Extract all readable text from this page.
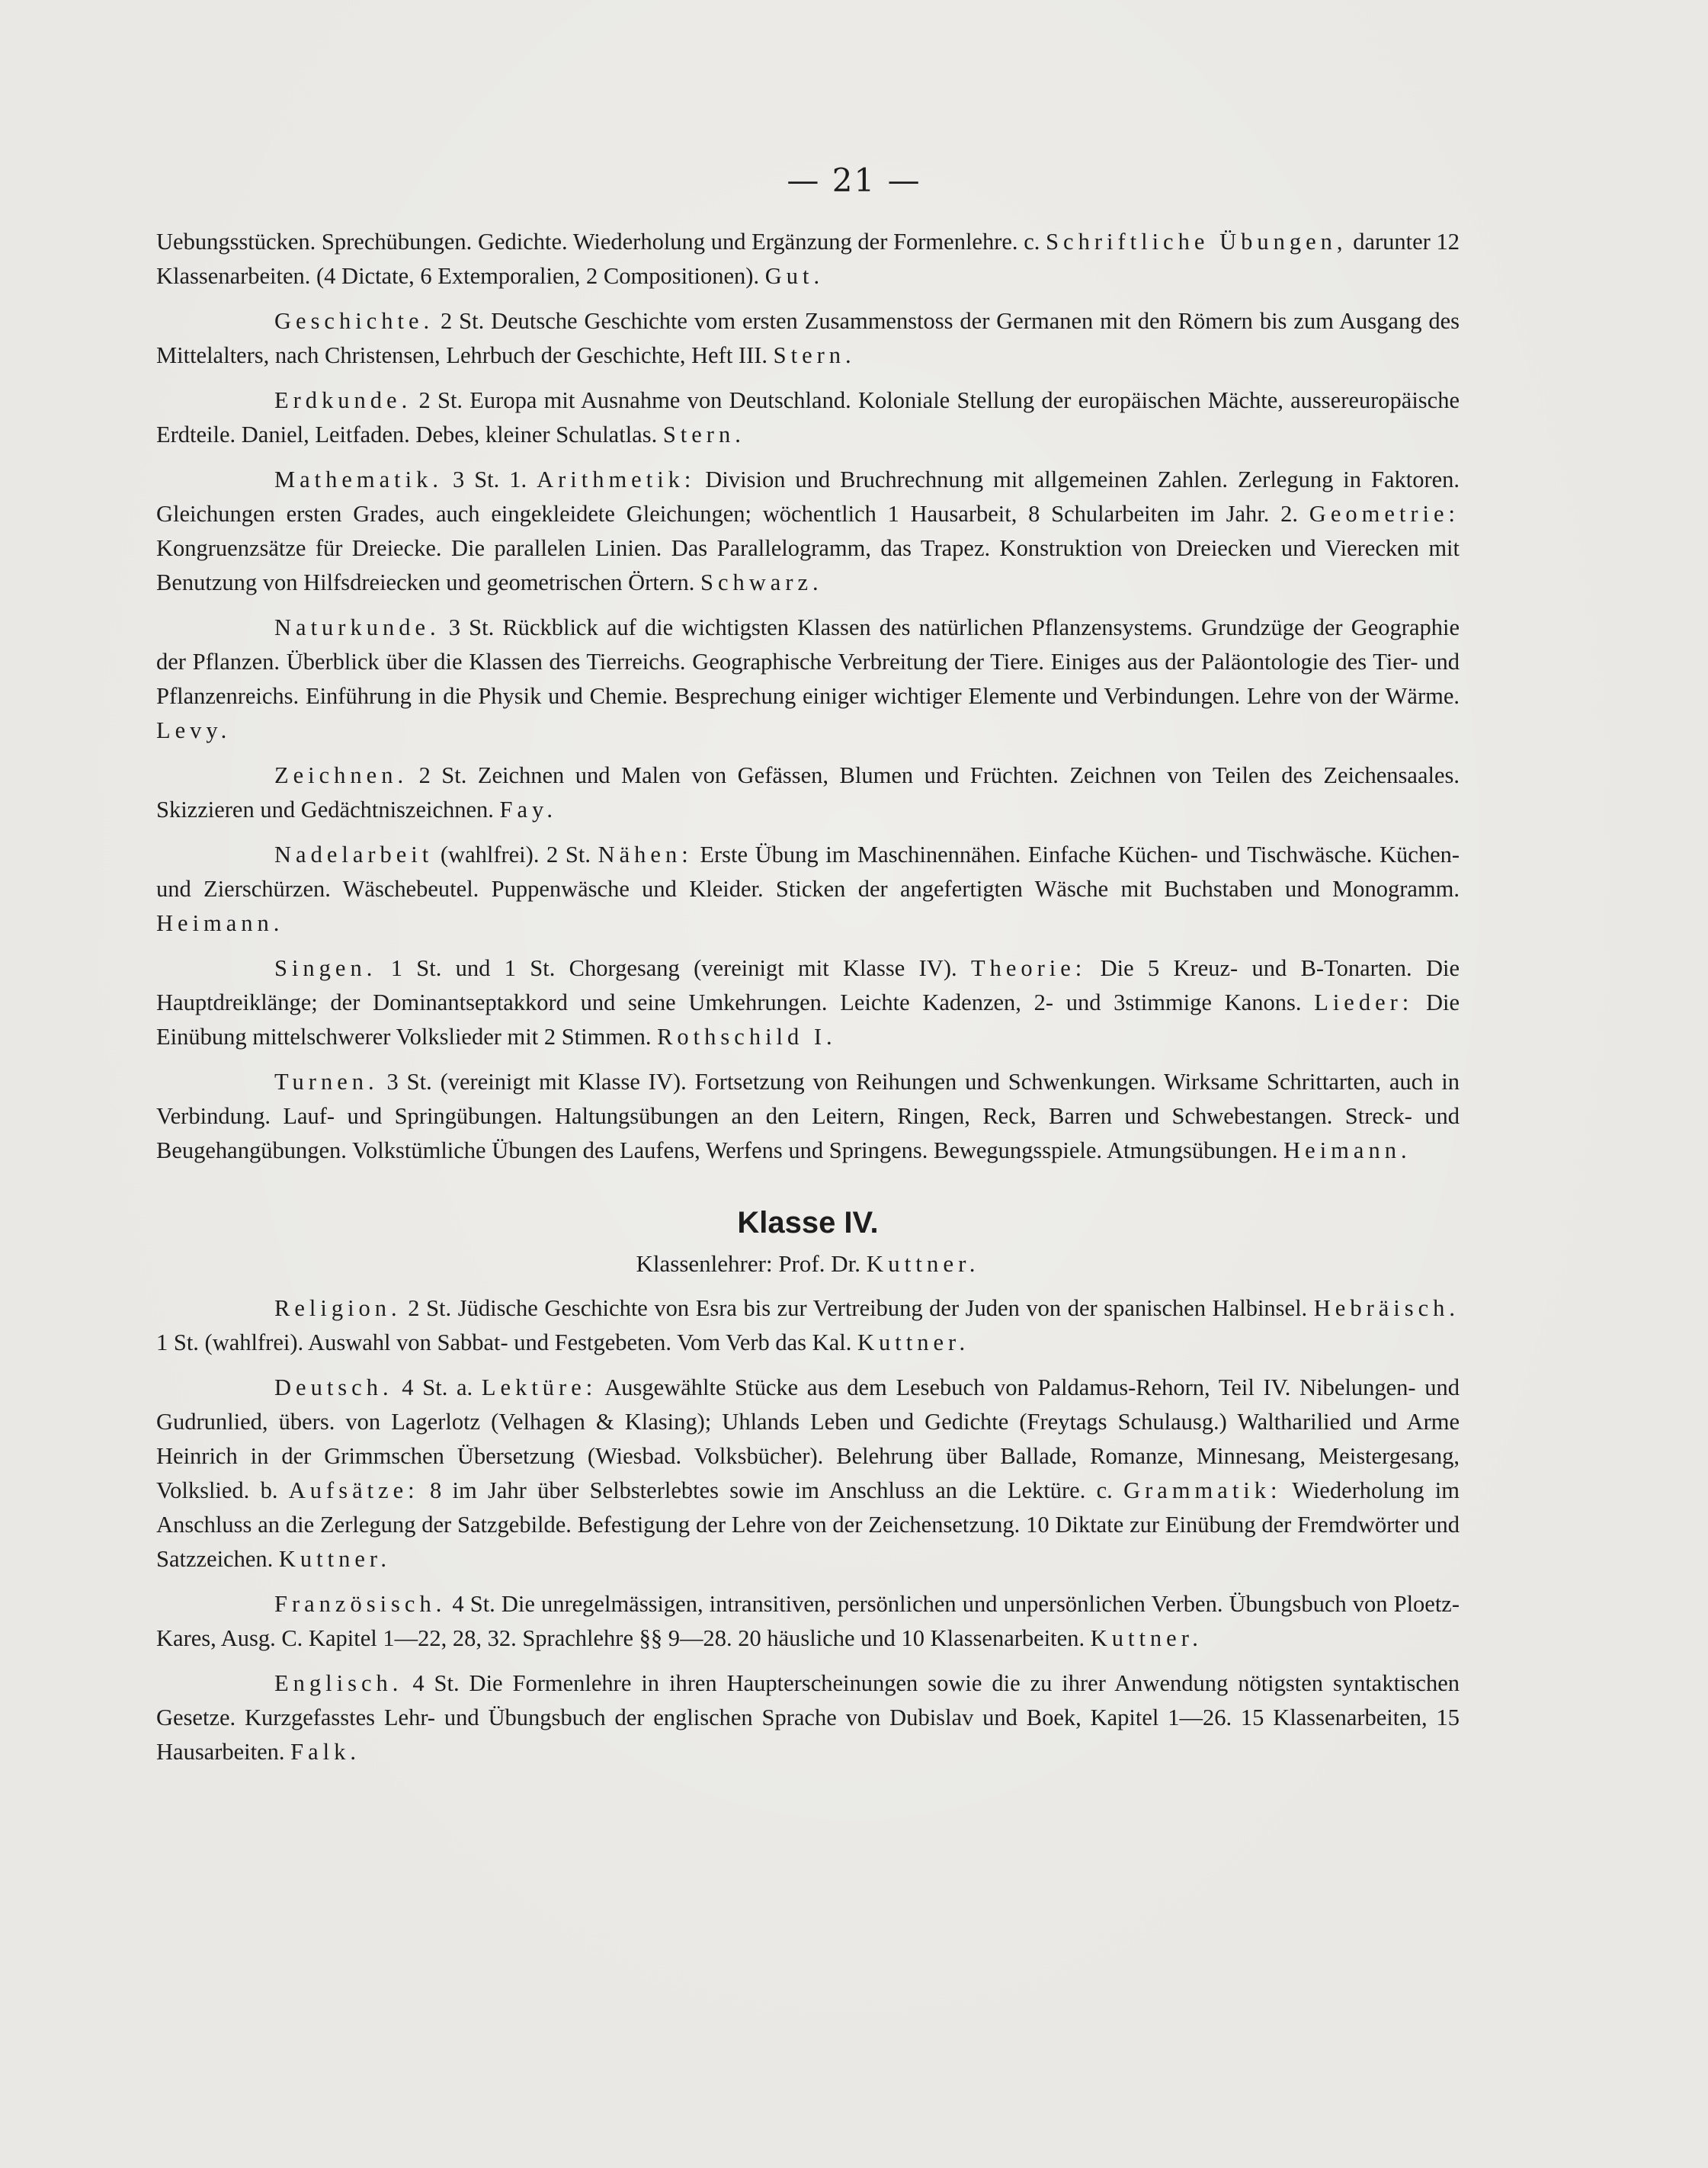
— 21 —

Uebungsstücken. Sprechübungen. Gedichte. Wiederholung und Ergänzung der Formenlehre. c. Schriftliche Übungen, darunter 12 Klassenarbeiten. (4 Dictate, 6 Extemporalien, 2 Compositionen). Gut.

Geschichte. 2 St. Deutsche Geschichte vom ersten Zusammenstoss der Germanen mit den Römern bis zum Ausgang des Mittelalters, nach Christensen, Lehrbuch der Geschichte, Heft III. Stern.

Erdkunde. 2 St. Europa mit Ausnahme von Deutschland. Koloniale Stellung der europäischen Mächte, aussereuropäische Erdteile. Daniel, Leitfaden. Debes, kleiner Schulatlas. Stern.

Mathematik. 3 St. 1. Arithmetik: Division und Bruchrechnung mit allgemeinen Zahlen. Zerlegung in Faktoren. Gleichungen ersten Grades, auch eingekleidete Gleichungen; wöchentlich 1 Hausarbeit, 8 Schularbeiten im Jahr. 2. Geometrie: Kongruenzsätze für Dreiecke. Die parallelen Linien. Das Parallelogramm, das Trapez. Konstruktion von Dreiecken und Vierecken mit Benutzung von Hilfsdreiecken und geometrischen Örtern. Schwarz.

Naturkunde. 3 St. Rückblick auf die wichtigsten Klassen des natürlichen Pflanzensystems. Grundzüge der Geographie der Pflanzen. Überblick über die Klassen des Tierreichs. Geographische Verbreitung der Tiere. Einiges aus der Paläontologie des Tier- und Pflanzenreichs. Einführung in die Physik und Chemie. Besprechung einiger wichtiger Elemente und Verbindungen. Lehre von der Wärme. Levy.

Zeichnen. 2 St. Zeichnen und Malen von Gefässen, Blumen und Früchten. Zeichnen von Teilen des Zeichensaales. Skizzieren und Gedächtniszeichnen. Fay.

Nadelarbeit (wahlfrei). 2 St. Nähen: Erste Übung im Maschinennähen. Einfache Küchen- und Tischwäsche. Küchen- und Zierschürzen. Wäschebeutel. Puppenwäsche und Kleider. Sticken der angefertigten Wäsche mit Buchstaben und Monogramm. Heimann.

Singen. 1 St. und 1 St. Chorgesang (vereinigt mit Klasse IV). Theorie: Die 5 Kreuz- und B-Tonarten. Die Hauptdreiklänge; der Dominantseptakkord und seine Umkehrungen. Leichte Kadenzen, 2- und 3stimmige Kanons. Lieder: Die Einübung mittelschwerer Volkslieder mit 2 Stimmen. Rothschild I.

Turnen. 3 St. (vereinigt mit Klasse IV). Fortsetzung von Reihungen und Schwenkungen. Wirksame Schrittarten, auch in Verbindung. Lauf- und Springübungen. Haltungsübungen an den Leitern, Ringen, Reck, Barren und Schwebestangen. Streck- und Beugehangübungen. Volkstümliche Übungen des Laufens, Werfens und Springens. Bewegungsspiele. Atmungsübungen. Heimann.

Klasse IV.
Klassenlehrer: Prof. Dr. Kuttner.

Religion. 2 St. Jüdische Geschichte von Esra bis zur Vertreibung der Juden von der spanischen Halbinsel. Hebräisch. 1 St. (wahlfrei). Auswahl von Sabbat- und Festgebeten. Vom Verb das Kal. Kuttner.

Deutsch. 4 St. a. Lektüre: Ausgewählte Stücke aus dem Lesebuch von Paldamus-Rehorn, Teil IV. Nibelungen- und Gudrunlied, übers. von Lagerlotz (Velhagen & Klasing); Uhlands Leben und Gedichte (Freytags Schulausg.) Waltharilied und Arme Heinrich in der Grimmschen Übersetzung (Wiesbad. Volksbücher). Belehrung über Ballade, Romanze, Minnesang, Meistergesang, Volkslied. b. Aufsätze: 8 im Jahr über Selbsterlebtes sowie im Anschluss an die Lektüre. c. Grammatik: Wiederholung im Anschluss an die Zerlegung der Satzgebilde. Befestigung der Lehre von der Zeichensetzung. 10 Diktate zur Einübung der Fremdwörter und Satzzeichen. Kuttner.

Französisch. 4 St. Die unregelmässigen, intransitiven, persönlichen und unpersönlichen Verben. Übungsbuch von Ploetz-Kares, Ausg. C. Kapitel 1—22, 28, 32. Sprachlehre §§ 9—28. 20 häusliche und 10 Klassenarbeiten. Kuttner.

Englisch. 4 St. Die Formenlehre in ihren Haupterscheinungen sowie die zu ihrer Anwendung nötigsten syntaktischen Gesetze. Kurzgefasstes Lehr- und Übungsbuch der englischen Sprache von Dubislav und Boek, Kapitel 1—26. 15 Klassenarbeiten, 15 Hausarbeiten. Falk.
